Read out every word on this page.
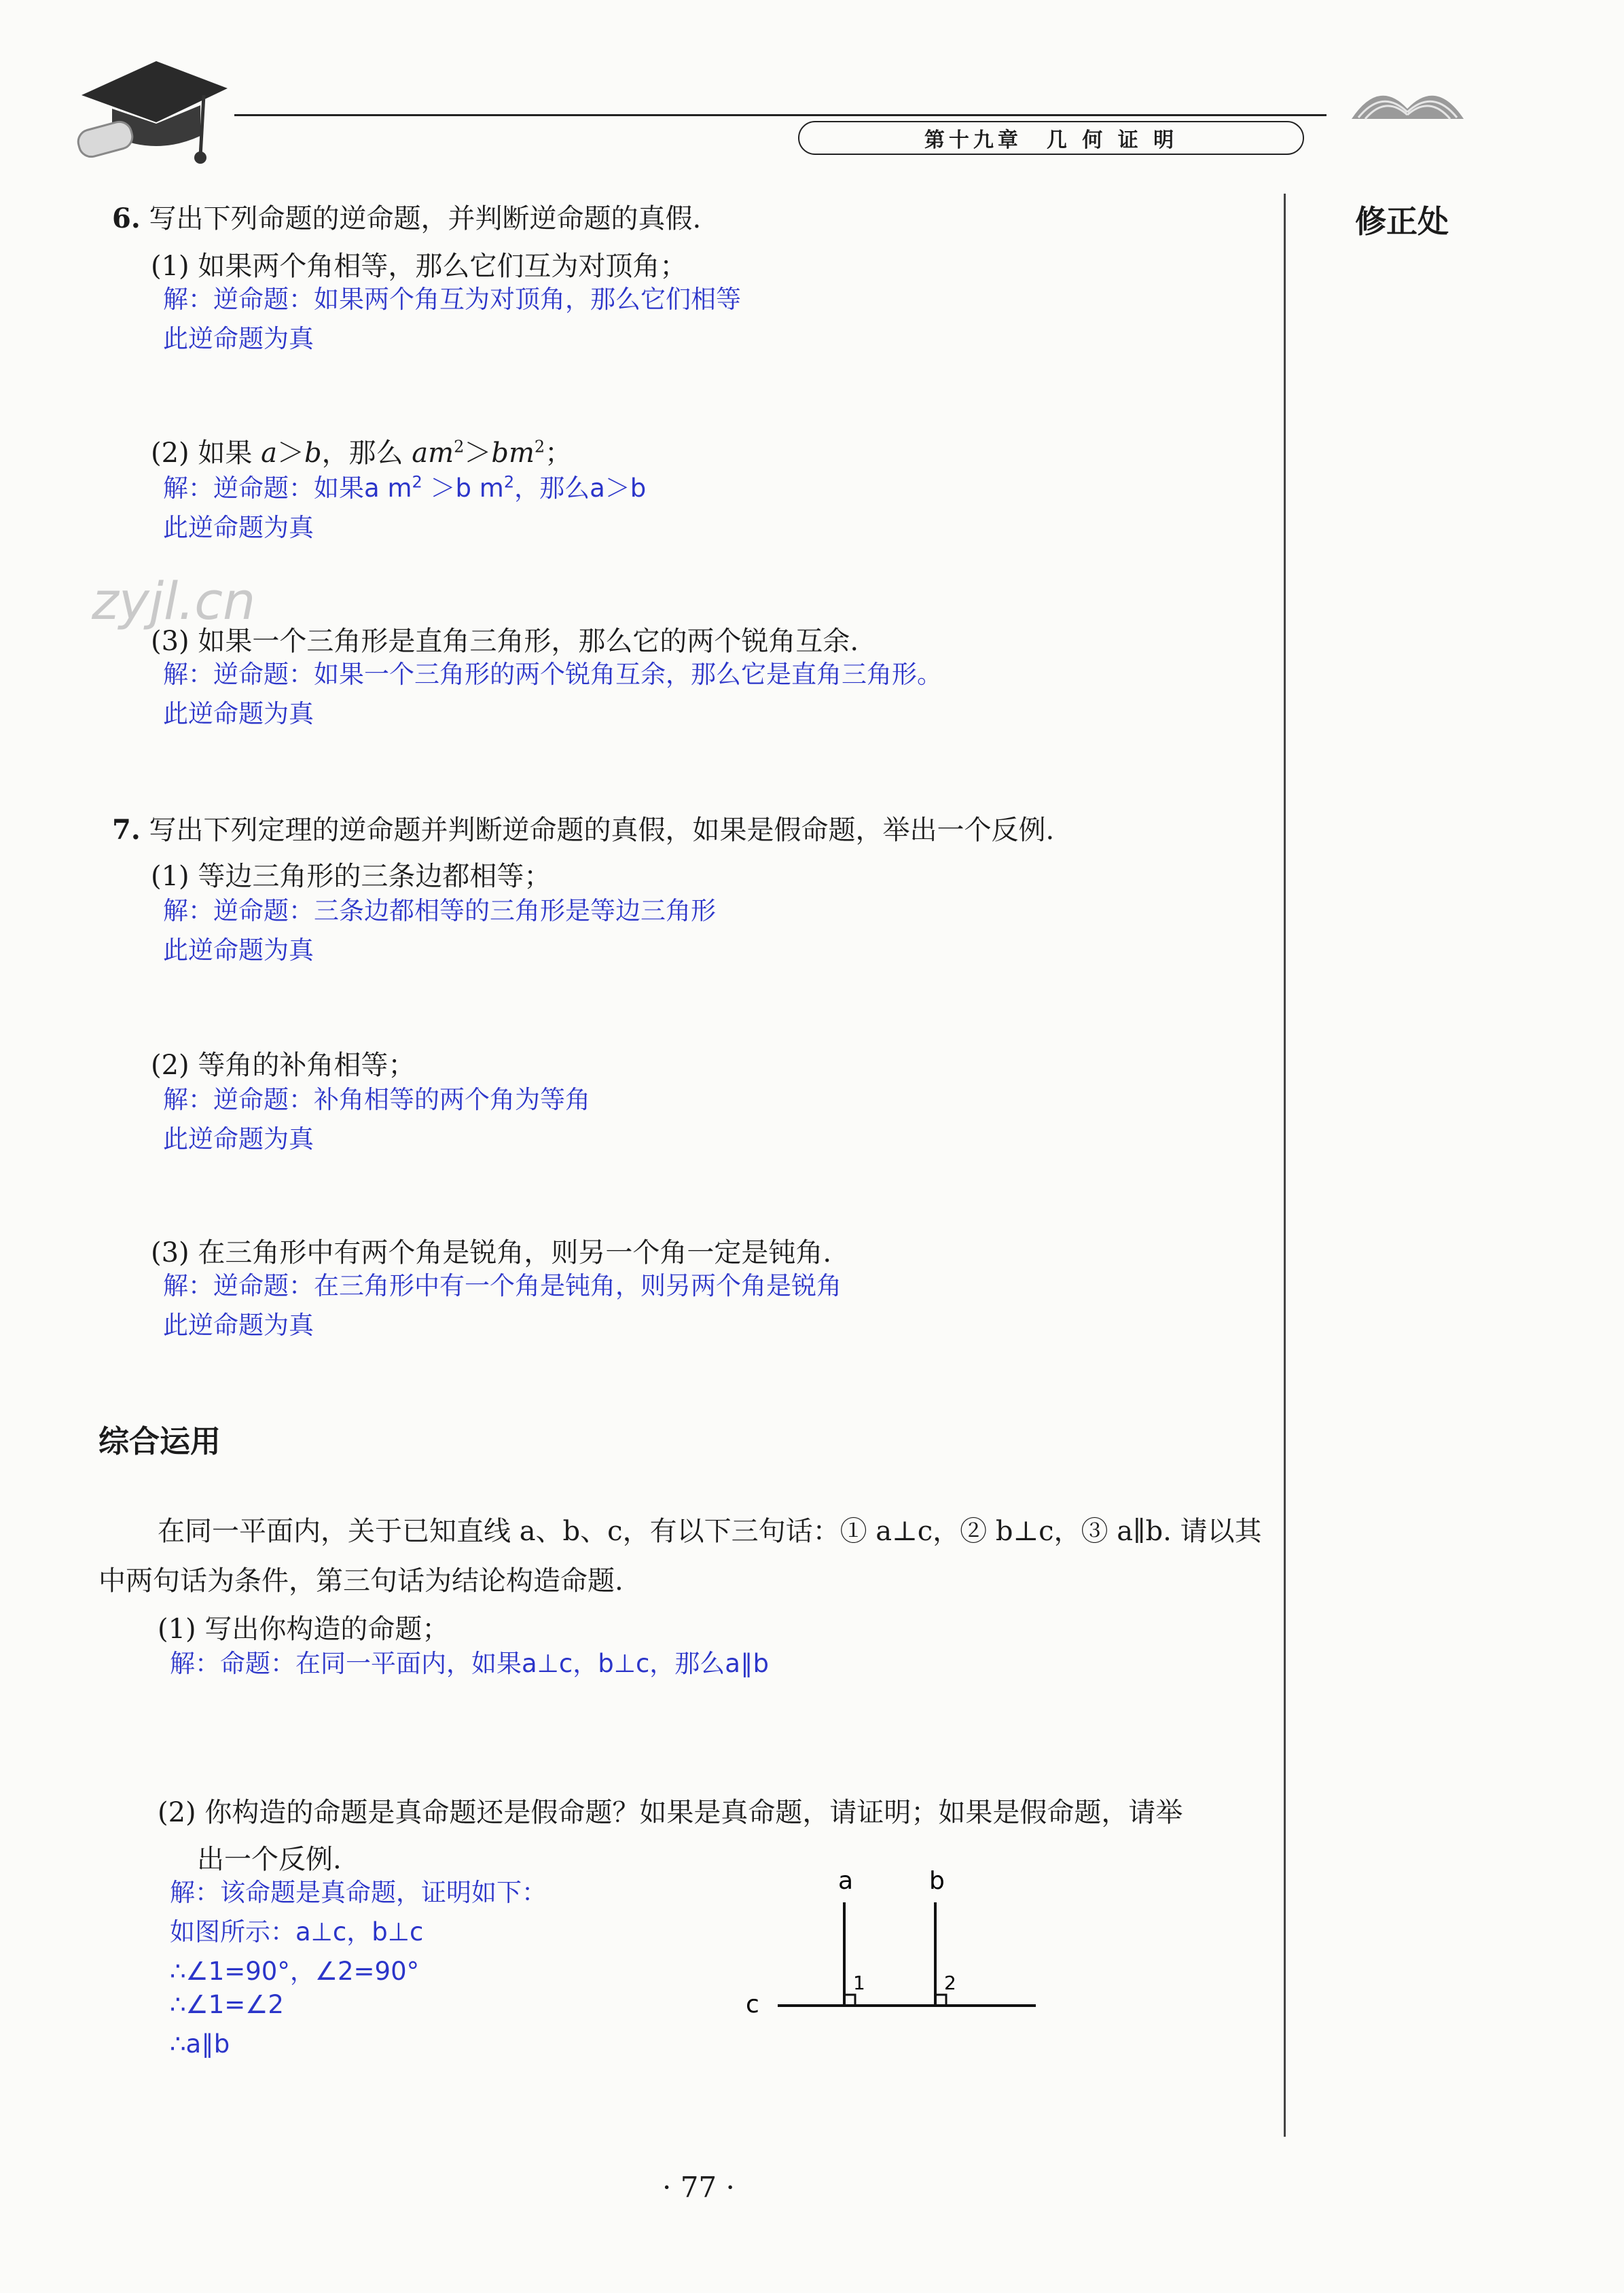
第十九章　几 何 证 明
修正处
zyjl.cn
6. 写出下列命题的逆命题，并判断逆命题的真假.
(1) 如果两个角相等，那么它们互为对顶角；
解：逆命题：如果两个角互为对顶角，那么它们相等
此逆命题为真
(2) 如果 a＞b，那么 $am^2>bm^2$；
解：逆命题：如果a $m^2 >b$ $m^2$，那么a＞b
此逆命题为真
(3) 如果一个三角形是直角三角形，那么它的两个锐角互余.
解：逆命题：如果一个三角形的两个锐角互余，那么它是直角三角形。
此逆命题为真
7. 写出下列定理的逆命题并判断逆命题的真假，如果是假命题，举出一个反例.
(1) 等边三角形的三条边都相等；
解：逆命题：三条边都相等的三角形是等边三角形
此逆命题为真
(2) 等角的补角相等；
解：逆命题：补角相等的两个角为等角
此逆命题为真
(3) 在三角形中有两个角是锐角，则另一个角一定是钝角.
解：逆命题：在三角形中有一个角是钝角，则另两个角是锐角
此逆命题为真
综合运用
在同一平面内，关于已知直线 a、b、c，有以下三句话：① a⊥c，② b⊥c，③ a∥b. 请以其
中两句话为条件，第三句话为结论构造命题.
(1) 写出你构造的命题；
解：命题：在同一平面内，如果a⊥c，b⊥c，那么a∥b
(2) 你构造的命题是真命题还是假命题？如果是真命题，请证明；如果是假命题，请举
出一个反例.
解：该命题是真命题，证明如下：
如图所示：a⊥c，b⊥c
∴∠1=90°，∠2=90°
∴∠1=∠2
∴a∥b
a	b
c
1	2
· 77 ·
